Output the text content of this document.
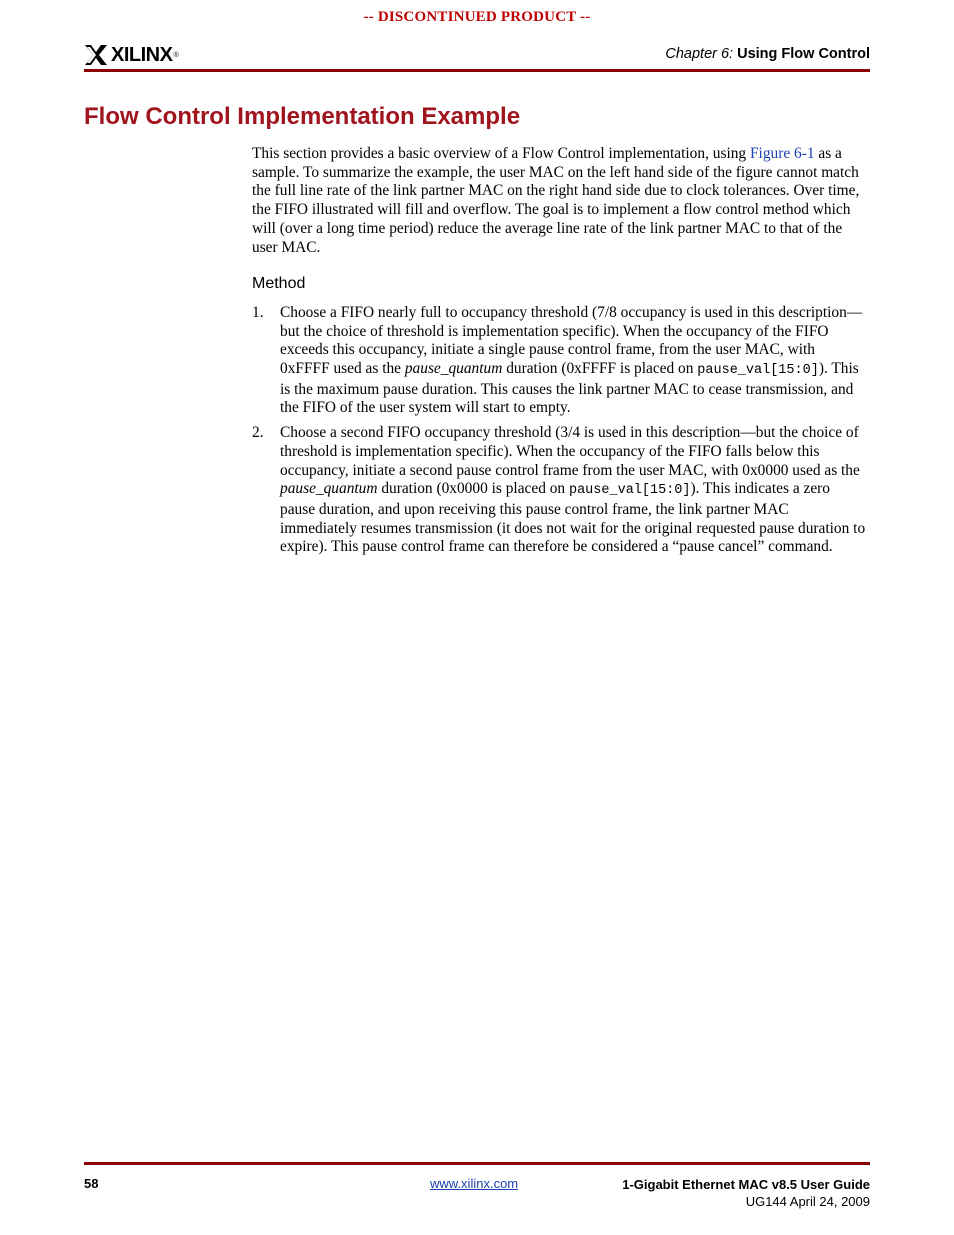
-- DISCONTINUED PRODUCT --
XILINX ®	Chapter 6: Using Flow Control
Flow Control Implementation Example

This section provides a basic overview of a Flow Control implementation, using Figure 6-1 as a sample. To summarize the example, the user MAC on the left hand side of the figure cannot match the full line rate of the link partner MAC on the right hand side due to clock tolerances. Over time, the FIFO illustrated will fill and overflow. The goal is to implement a flow control method which will (over a long time period) reduce the average line rate of the link partner MAC to that of the user MAC.

Method
1.	Choose a FIFO nearly full to occupancy threshold (7/8 occupancy is used in this description—but the choice of threshold is implementation specific). When the occupancy of the FIFO exceeds this occupancy, initiate a single pause control frame, from the user MAC, with 0xFFFF used as the pause_quantum duration (0xFFFF is placed on pause_val[15:0]). This is the maximum pause duration. This causes the link partner MAC to cease transmission, and the FIFO of the user system will start to empty.
2.	Choose a second FIFO occupancy threshold (3/4 is used in this description—but the choice of threshold is implementation specific). When the occupancy of the FIFO falls below this occupancy, initiate a second pause control frame from the user MAC, with 0x0000 used as the pause_quantum duration (0x0000 is placed on pause_val[15:0]). This indicates a zero pause duration, and upon receiving this pause control frame, the link partner MAC immediately resumes transmission (it does not wait for the original requested pause duration to expire). This pause control frame can therefore be considered a “pause cancel” command.
58	www.xilinx.com	1-Gigabit Ethernet MAC v8.5 User Guide
UG144 April 24, 2009
